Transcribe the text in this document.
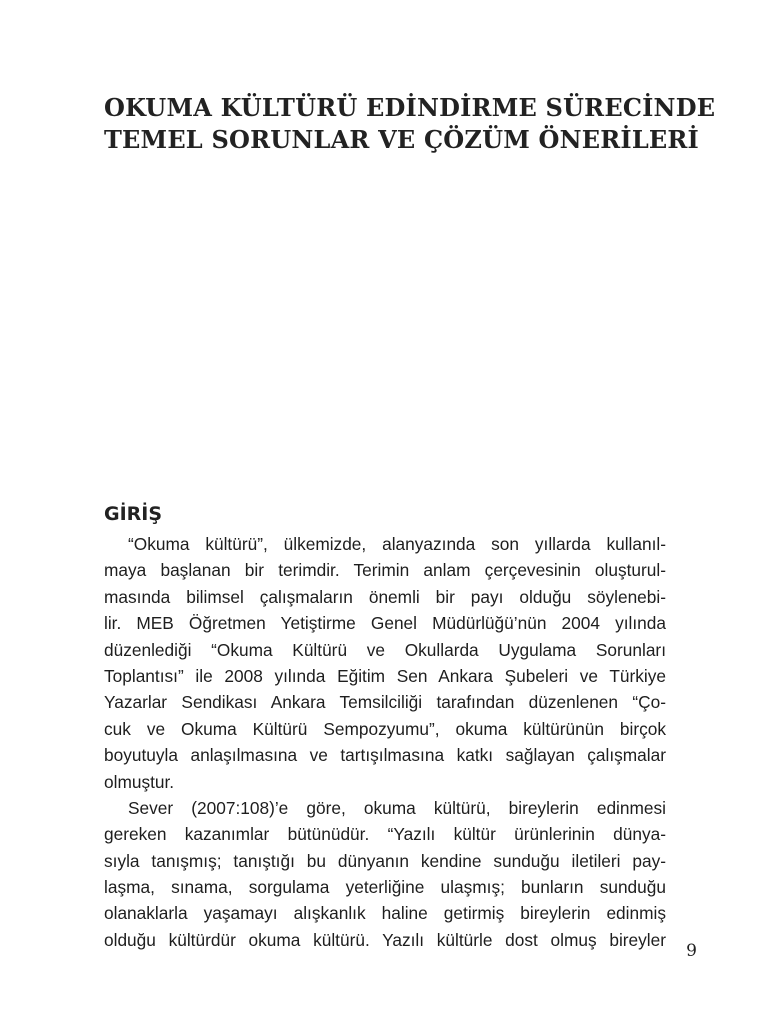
OKUMA KÜLTÜRÜ EDİNDİRME SÜRECİNDE
TEMEL SORUNLAR VE ÇÖZÜM ÖNERİLERİ
GİRİŞ
“Okuma kültürü”, ülkemizde, alanyazında son yıllarda kullanıl-
maya başlanan bir terimdir. Terimin anlam çerçevesinin oluşturul-
masında bilimsel çalışmaların önemli bir payı olduğu söylenebi-
lir. MEB Öğretmen Yetiştirme Genel Müdürlüğü’nün 2004 yılında
düzenlediği “Okuma Kültürü ve Okullarda Uygulama Sorunları
Toplantısı” ile 2008 yılında Eğitim Sen Ankara Şubeleri ve Türkiye
Yazarlar Sendikası Ankara Temsilciliği tarafından düzenlenen “Ço-
cuk ve Okuma Kültürü Sempozyumu”, okuma kültürünün birçok
boyutuyla anlaşılmasına ve tartışılmasına katkı sağlayan çalışmalar
olmuştur.
Sever (2007:108)’e göre, okuma kültürü, bireylerin edinmesi
gereken kazanımlar bütünüdür. “Yazılı kültür ürünlerinin dünya-
sıyla tanışmış; tanıştığı bu dünyanın kendine sunduğu iletileri pay-
laşma, sınama, sorgulama yeterliğine ulaşmış; bunların sunduğu
olanaklarla yaşamayı alışkanlık haline getirmiş bireylerin edinmiş
olduğu kültürdür okuma kültürü. Yazılı kültürle dost olmuş bireyler
9
